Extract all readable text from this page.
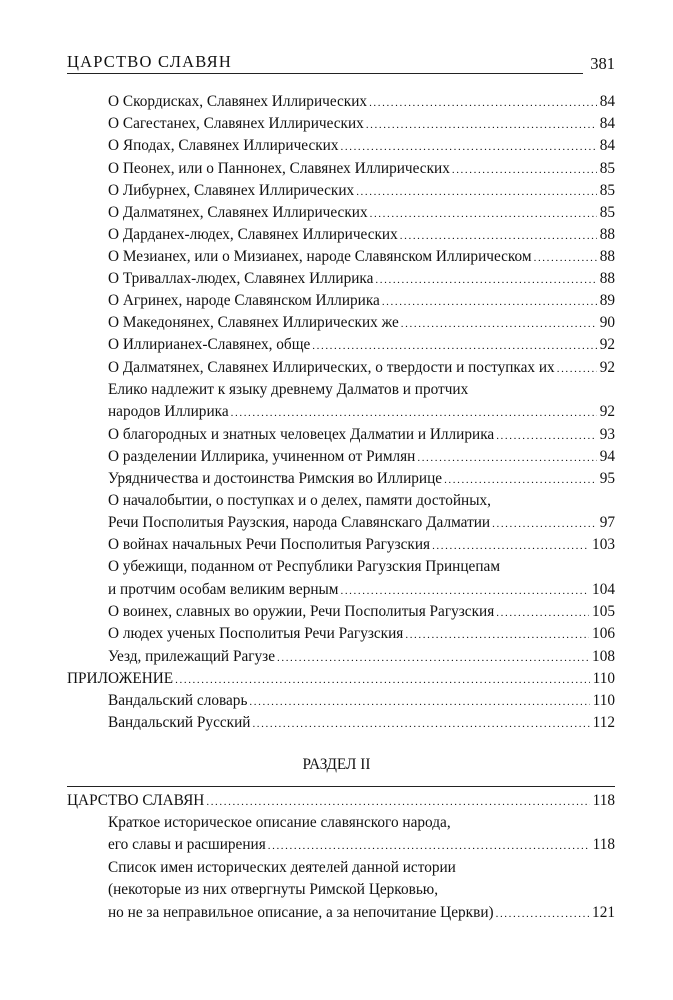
ЦАРСТВО СЛАВЯН	381
О Скордисках, Славянех Иллирических .....	84
О Сагестанех, Славянех Иллирических .....	84
О Яподах, Славянех Иллирических .....	84
О Пеонех, или о Паннонех, Славянех Иллирических .....	85
О Либурнех, Славянех Иллирических .....	85
О Далматянех, Славянех Иллирических .....	85
О Дарданех-людех, Славянех Иллирических .....	88
О Мезианех, или о Мизианех, народе Славянском Иллирическом .....	88
О Триваллах-людех, Славянех Иллирика .....	88
О Агринех, народе Славянском Иллирика .....	89
О Македонянех, Славянех Иллирических же .....	90
О Иллирианех-Славянех, обще .....	92
О Далматянех, Славянех Иллирических, о твердости и поступках их .....	92
Елико надлежит к языку древнему Далматов и протчих
народов Иллирика .....	92
О благородных и знатных человецех Далматии и Иллирика .....	93
О разделении Иллирика, учиненном от Римлян .....	94
Урядничества и достоинства Римския во Иллирице .....	95
О началобытии, о поступках и о делех, памяти достойных,
Речи Посполитыя Раузския, народа Славянскаго Далматии .....	97
О войнах начальных Речи Посполитыя Рагузския .....	103
О убежищи, поданном от Республики Рагузския Принцепам
и протчим особам великим верным .....	104
О воинех, славных во оружии, Речи Посполитыя Рагузския .....	105
О людех ученых Посполитыя Речи Рагузския .....	106
Уезд, прилежащий Рагузе .....	108
ПРИЛОЖЕНИЕ .....	110
Вандальский словарь .....	110
Вандальский Русский .....	112
РАЗДЕЛ II
ЦАРСТВО СЛАВЯН .....	118
Краткое историческое описание славянского народа,
его славы и расширения .....	118
Список имен исторических деятелей данной истории
(некоторые из них отвергнуты Римской Церковью,
но не за неправильное описание, а за непочитание Церкви) .....	121
